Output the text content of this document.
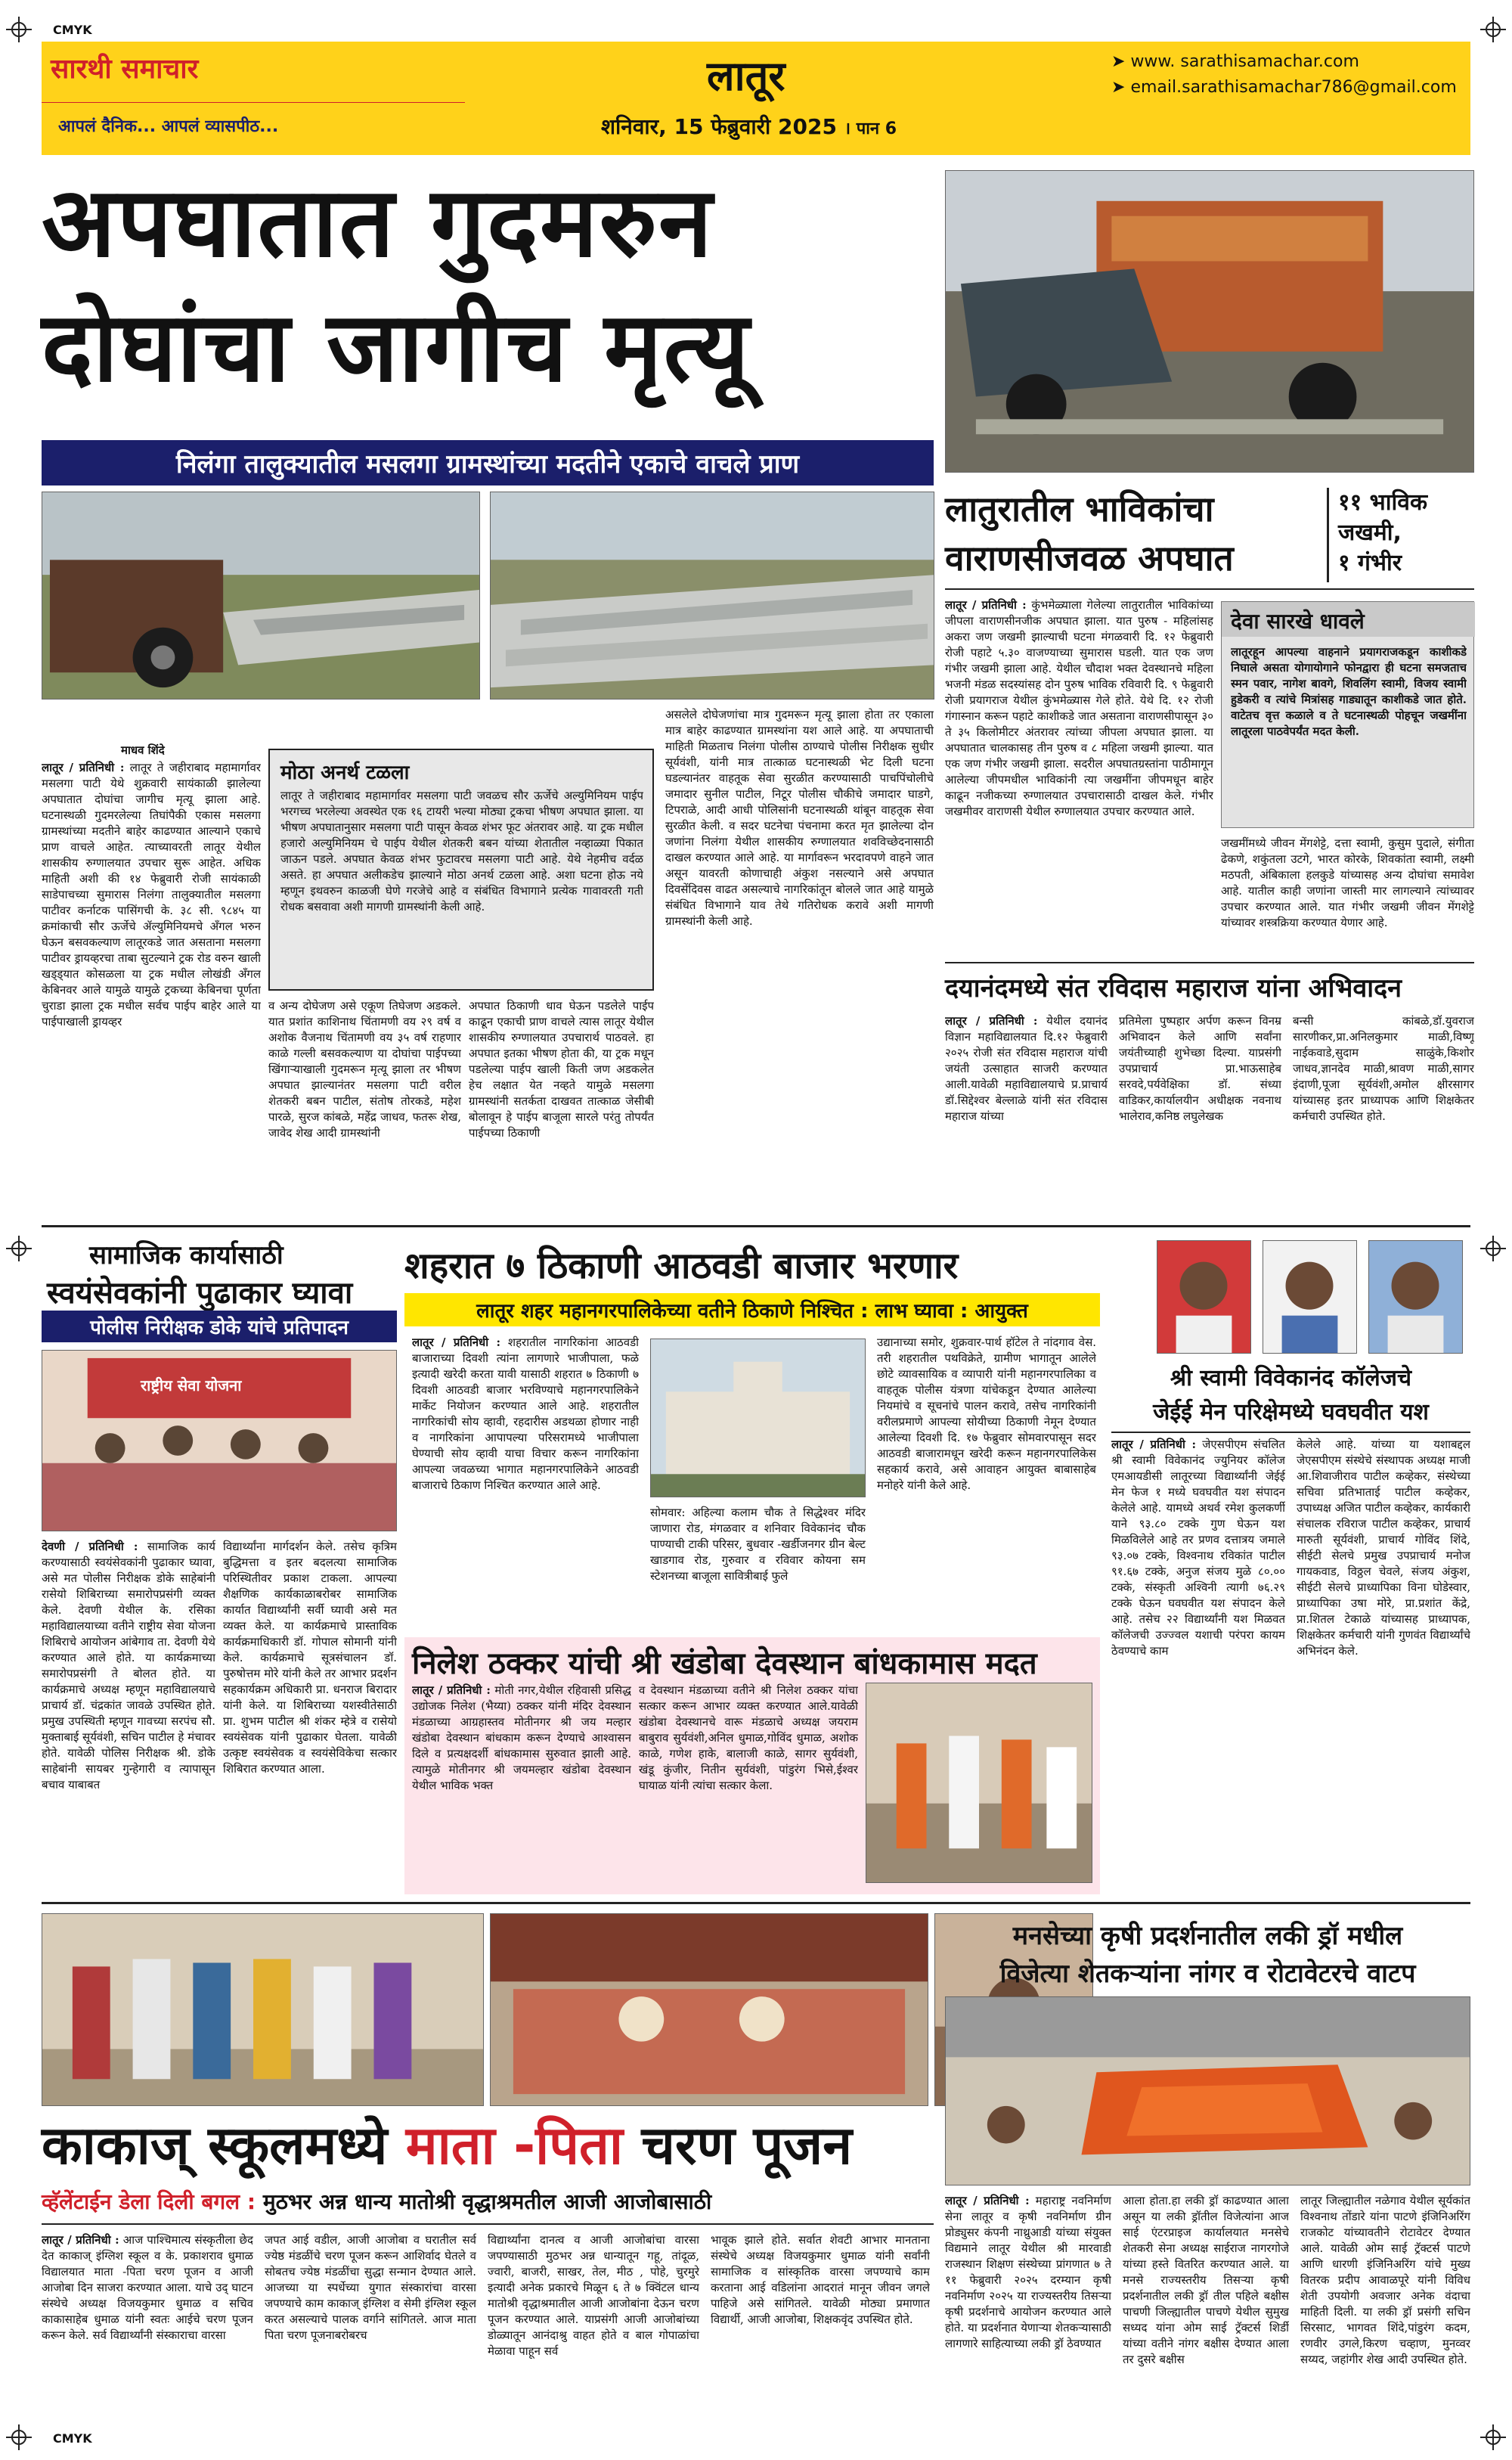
CMYK
CMYK
सारथी समाचार
आपलं दैनिक... आपलं व्यासपीठ...
लातूर
शनिवार, 15 फेब्रुवारी 2025 । पान 6
➤ www. sarathisamachar.com
➤ email.sarathisamachar786@gmail.com
अपघातात गुदमरुन
दोघांचा जागीच मृत्यू
निलंगा तालुक्यातील मसलगा ग्रामस्थांच्या मदतीने एकाचे वाचले प्राण
माधव शिंदे
लातूर / प्रतिनिधी : लातूर ते जहीराबाद महामार्गावर मसलगा पाटी येथे शुक्रवारी सायंकाळी झालेल्या अपघातात दोघांचा जागीच मृत्यू झाला आहे. घटनास्थळी गुदमरलेल्या तिघांपैकी एकास मसलगा ग्रामस्थांच्या मदतीने बाहेर काढण्यात आल्याने एकाचे प्राण वाचले आहेत. त्याच्यावरती लातूर येथील शासकीय रुग्णालयात उपचार सुरू आहेत. अधिक माहिती अशी की १४ फेब्रुवारी रोजी सायंकाळी साडेपाचच्या सुमारास निलंगा तालुक्यातील मसलगा पाटीवर कर्नाटक पासिंगची के. ३८ सी. ९८४५ या क्रमांकाची सौर ऊर्जेचे ॲल्युमिनियमचे ॲंगल भरुन घेऊन बसवकल्याण लातूरकडे जात असताना मसलगा पाटीवर ड्रायव्हरचा ताबा सुटल्याने ट्रक रोड वरुन खाली खड्ड्यात कोसळला या ट्रक मधील लोखंडी ॲंगल केबिनवर आले यामुळे यामुळे ट्रकच्या केबिनचा पूर्णता चुराडा झाला ट्रक मधील सर्वच पाईप बाहेर आले या पाईपाखाली ड्रायव्हर
मोठा अनर्थ टळला
लातूर ते जहीराबाद महामार्गावर मसलगा पाटी जवळच सौर ऊर्जेचे अल्युमिनियम पाईप भरगच्च भरलेल्या अवस्थेत एक १६ टायरी भल्या मोठ्या ट्रकचा भीषण अपघात झाला. या भीषण अपघातानुसार मसलगा पाटी पासून केवळ शंभर फूट अंतरावर आहे. या ट्रक मधील हजारो अल्युमिनियम चे पाईप येथील शेतकरी बबन यांच्या शेतातील नव्हाळ्या पिकात जाऊन पडले. अपघात केवळ शंभर फुटावरच मसलगा पाटी आहे. येथे नेहमीच वर्दळ असते. हा अपघात अलीकडेच झाल्याने मोठा अनर्थ टळला आहे. अशा घटना होऊ नये म्हणून इथवरुन काळजी घेणे गरजेचे आहे व संबंधित विभागाने प्रत्येक गावावरती गती रोधक बसवावा अशी मागणी ग्रामस्थांनी केली आहे.
व अन्य दोघेजण असे एकूण तिघेजण अडकले. यात प्रशांत काशिनाथ चिंतामणी वय २९ वर्ष व अशोक वैजनाथ चिंतामणी वय ३५ वर्ष राहणार काळे गल्ली बसवकल्याण या दोघांचा पाईपच्या खिंगाऱ्याखाली गुदमरून मृत्यू झाला तर भीषण अपघात झाल्यानंतर मसलगा पाटी वरील शेतकरी बबन पाटील, संतोष तोरकडे, महेश पारळे, सुरज कांबळे, महेंद्र जाधव, फतरू शेख, जावेद शेख आदी ग्रामस्थांनी
अपघात ठिकाणी धाव घेऊन पडलेले पाईप काढून एकाची प्राण वाचले त्यास लातूर येथील शासकीय रुग्णालयात उपचारार्थ पाठवले. हा अपघात इतका भीषण होता की, या ट्रक मधून पडलेल्या पाईप खाली किती जण अडकलेत हेच लक्षात येत नव्हते यामुळे मसलगा ग्रामस्थांनी सतर्कता दाखवत तात्काळ जेसीबी बोलावून हे पाईप बाजूला सारले परंतु तोपर्यंत पाईपच्या ठिकाणी
असलेले दोघेजणांचा मात्र गुदमरून मृत्यू झाला होता तर एकाला मात्र बाहेर काढण्यात ग्रामस्थांना यश आले आहे. या अपघाताची माहिती मिळताच निलंगा पोलीस ठाण्याचे पोलीस निरीक्षक सुधीर सूर्यवंशी, यांनी मात्र तात्काळ घटनास्थळी भेट दिली घटना घडल्यानंतर वाहतूक सेवा सुरळीत करण्यासाठी पाचपिंचोलीचे जमादार सुनील पाटील, निटूर पोलीस चौकीचे जमादार घाडगे, टिपराळे, आदी आधी पोलिसांनी घटनास्थळी थांबून वाहतूक सेवा सुरळीत केली. व सदर घटनेचा पंचनामा करत मृत झालेल्या दोन जणांना निलंगा येथील शासकीय रुग्णालयात शवविच्छेदनासाठी दाखल करण्यात आले आहे. या मार्गावरून भरदावपणे वाहने जात असून यावरती कोणाचाही अंकुश नसल्याने असे अपघात दिवसेंदिवस वाढत असल्याचे नागरिकांतून बोलले जात आहे यामुळे संबंधित विभागाने याव तेथे गतिरोधक करावे अशी मागणी ग्रामस्थांनी केली आहे.
लातुरातील भाविकांचा
वाराणसीजवळ अपघात
११ भाविक
जखमी,
१ गंभीर
लातूर / प्रतिनिधी : कुंभमेळ्याला गेलेल्या लातुरातील भाविकांच्या जीपला वाराणसीनजीक अपघात झाला. यात पुरुष - महिलांसह अकरा जण जखमी झाल्याची घटना मंगळवारी दि. १२ फेब्रुवारी रोजी पहाटे ५.३० वाजण्याच्या सुमारास घडली. यात एक जण गंभीर जखमी झाला आहे. येथील चौदाश भक्त देवस्थानचे महिला भजनी मंडळ सदस्यांसह दोन पुरुष भाविक रविवारी दि. ९ फेब्रुवारी रोजी प्रयागराज येथील कुंभमेळ्यास गेले होते. येथे दि. १२ रोजी गंगास्नान करून पहाटे काशीकडे जात असताना वाराणसीपासून ३० ते ३५ किलोमीटर अंतरावर त्यांच्या जीपला अपघात झाला. या अपघातात चालकासह तीन पुरुष व ८ महिला जखमी झाल्या. यात एक जण गंभीर जखमी झाला. सदरील अपघातग्रस्तांना पाठीमागून आलेल्या जीपमधील भाविकांनी त्या जखमींना जीपमधून बाहेर काढून नजीकच्या रुग्णालयात उपचारासाठी दाखल केले. गंभीर जखमीवर वाराणसी येथील रुग्णालयात उपचार करण्यात आले.
देवा सारखे धावले
लातूरहून आपल्या वाहनाने प्रयागराजकडून काशीकडे निघाले असता योगायोगाने फोनद्वारा ही घटना समजताच स्मन पवार, नागेश बावगे, शिवलिंग स्वामी, विजय स्वामी हुडेकरी व त्यांचे मित्रांसह गाड्यातून काशीकडे जात होते. वाटेतच वृत्त कळाले व ते घटनास्थळी पोहचून जखमींना लातूरला पाठवेपर्यंत मदत केली.
जखमींमध्ये जीवन मेंगशेट्टे, दत्ता स्वामी, कुसुम पुदाले, संगीता ढेकणे, शकुंतला उटगे, भारत कोरके, शिवकांता स्वामी, लक्ष्मी मठपती, अंबिकाला हलकुडे यांच्यासह अन्य दोघांचा समावेश आहे. यातील काही जणांना जास्ती मार लागल्याने त्यांच्यावर उपचार करण्यात आले. यात गंभीर जखमी जीवन मेंगशेट्टे यांच्यावर शस्त्रक्रिया करण्यात येणार आहे.
दयानंदमध्ये संत रविदास महाराज यांना अभिवादन
लातूर / प्रतिनिधी : येथील दयानंद विज्ञान महाविद्यालयात दि.१२ फेब्रुवारी २०२५ रोजी संत रविदास महाराज यांची जयंती उत्साहात साजरी करण्यात आली.यावेळी महाविद्यालयाचे प्र.प्राचार्य डॉ.सिद्देश्वर बेल्लाळे यांनी संत रविदास महाराज यांच्या
प्रतिमेला पुष्पहार अर्पण करून विनम्र अभिवादन केले आणि सर्वांना जयंतीच्याही शुभेच्छा दिल्या. याप्रसंगी उपप्राचार्य प्रा.भाऊसाहेब सरवदे,पर्यवेक्षिका डॉ. संध्या वाडिकर,कार्यालयीन अधीक्षक नवनाथ भालेराव,कनिष्ठ लघुलेखक
बन्सी कांबळे,डॉ.युवराज सारणीकर,प्रा.अनिलकुमार माळी,विष्णू नाईकवाडे,सुदाम साळुंके,किशोर जाधव,ज्ञानदेव माळी,श्रावण माळी,सागर इंदाणी,पूजा सूर्यवंशी,अमोल क्षीरसागर यांच्यासह इतर प्राध्यापक आणि शिक्षकेतर कर्मचारी उपस्थित होते.
सामाजिक कार्यासाठी
स्वयंसेवकांनी पुढाकार घ्यावा
पोलीस निरीक्षक डोके यांचे प्रतिपादन
राष्ट्रीय सेवा योजना
देवणी / प्रतिनिधी : सामाजिक कार्य करण्यासाठी स्वयंसेवकांनी पुढाकार घ्यावा, असे मत पोलीस निरीक्षक डोके साहेबांनी रासेयो शिबिराच्या समारोपप्रसंगी व्यक्त केले. देवणी येथील के. रसिका महाविद्यालयाच्या वतीने राष्ट्रीय सेवा योजना शिबिराचे आयोजन आंबेगाव ता. देवणी येथे करण्यात आले होते. या कार्यक्रमाच्या समारोपप्रसंगी ते बोलत होते. या कार्यक्रमाचे अध्यक्ष म्हणून महाविद्यालयाचे प्राचार्य डॉ. चंद्रकांत जावळे उपस्थित होते. प्रमुख उपस्थिती म्हणून गावच्या सरपंच सौ. मुक्ताबाई सूर्यवंशी, सचिन पाटील हे मंचावर होते. यावेळी पोलिस निरीक्षक श्री. डोके साहेबांनी सायबर गुन्हेगारी व त्यापासून बचाव याबाबत
विद्यार्थ्यांना मार्गदर्शन केले. तसेच कृत्रिम बुद्धिमत्ता व इतर बदलत्या सामाजिक परिस्थितीवर प्रकाश टाकला. आपल्या शैक्षणिक कार्यकाळाबरोबर सामाजिक कार्यात विद्यार्थ्यांनी सर्वी घ्यावी असे मत व्यक्त केले. या कार्यक्रमाचे प्रास्ताविक कार्यक्रमाधिकारी डॉ. गोपाल सोमानी यांनी केले. कार्यक्रमाचे सूत्रसंचालन डॉ. पुरुषोत्तम मोरे यांनी केले तर आभार प्रदर्शन सहकार्यक्रम अधिकारी प्रा. धनराज बिरादार यांनी केले. या शिबिराच्या यशस्वीतेसाठी प्रा. शुभम पाटील श्री शंकर म्हेत्रे व रासेयो स्वयंसेवक यांनी पुढाकार घेतला. यावेळी उत्कृष्ट स्वयंसेवक व स्वयंसेविकेचा सत्कार शिबिरात करण्यात आला.
शहरात ७ ठिकाणी आठवडी बाजार भरणार
लातूर शहर महानगरपालिकेच्या वतीने ठिकाणे निश्चित : लाभ घ्यावा : आयुक्त
लातूर / प्रतिनिधी : शहरातील नागरिकांना आठवडी बाजाराच्या दिवशी त्यांना लागणारे भाजीपाला, फळे इत्यादी खरेदी करता यावी यासाठी शहरात ७ ठिकाणी ७ दिवशी आठवडी बाजार भरविण्याचे महानगरपालिकेने मार्केट नियोजन करण्यात आले आहे. शहरातील नागरिकांची सोय व्हावी, रहदारीस अडथळा होणार नाही व नागरिकांना आपापल्या परिसरामध्ये भाजीपाला घेण्याची सोय व्हावी याचा विचार करून नागरिकांना आपल्या जवळच्या भागात महानगरपालिकेने आठवडी बाजाराचे ठिकाण निश्चित करण्यात आले आहे.
सोमवार: अहिल्या कलाम चौक ते सिद्धेश्वर मंदिर जाणारा रोड, मंगळवार व शनिवार विवेकानंद चौक पाण्याची टाकी परिसर, बुधवार -खर्डीजनगर ग्रीन बेल्ट खाडगाव रोड, गुरुवार व रविवार कोयना सम स्टेशनच्या बाजूला सावित्रीबाई फुले
उद्यानाच्या समोर, शुक्रवार-पार्थ हॉटेल ते नांदगाव वेस. तरी शहरातील पथविक्रेते, ग्रामीण भागातून आलेले छोटे व्यावसायिक व व्यापारी यांनी महानगरपालिका व वाहतूक पोलीस यंत्रणा यांचेकडून देण्यात आलेल्या नियमांचे व सूचनांचे पालन करावे, तसेच नागरिकांनी वरीलप्रमाणे आपल्या सोयीच्या ठिकाणी नेमून देण्यात आलेल्या दिवशी दि. १७ फेब्रुवार सोमवारपासून सदर आठवडी बाजारामधून खरेदी करून महानगरपालिकेस सहकार्य करावे, असे आवाहन आयुक्त बाबासाहेब मनोहरे यांनी केले आहे.
निलेश ठक्कर यांची श्री खंडोबा देवस्थान बांधकामास मदत
लातूर / प्रतिनिधी : मोती नगर,येथील रहिवासी प्रसिद्ध उद्योजक निलेश (भैय्या) ठक्कर यांनी मंदिर देवस्थान मंडळाच्या आग्रहास्तव मोतीनगर श्री जय मल्हार खंडोबा देवस्थान बांधकाम करून देण्याचे आश्वासन दिले व प्रत्यक्षदर्शी बांधकामास सुरुवात झाली आहे. त्यामुळे मोतीनगर श्री जयमल्हार खंडोबा देवस्थान येथील भाविक भक्त
व देवस्थान मंडळाच्या वतीने श्री निलेश ठक्कर यांचा सत्कार करून आभार व्यक्त करण्यात आले.यावेळी खंडोबा देवस्थानचे वारू मंडळाचे अध्यक्ष जयराम बाबुराव सुर्यवंशी,अनिल धुमाळ,गोविंद धुमाळ, अशोक काळे, गणेश हाके, बालाजी काळे, सागर सुर्यवंशी, खंडू कुंजीर, नितीन सुर्यवंशी, पांडुरंग भिसे,ईश्वर घायाळ यांनी त्यांचा सत्कार केला.
श्री स्वामी विवेकानंद कॉलेजचे
जेईई मेन परिक्षेमध्ये घवघवीत यश
लातूर / प्रतिनिधी : जेएसपीएम संचलित श्री स्वामी विवेकानंद ज्युनियर कॉलेज एमआयडीसी लातूरच्या विद्यार्थ्यांनी जेईई मेन फेज १ मध्ये घवघवीत यश संपादन केलेले आहे. यामध्ये अथर्व रमेश कुलकर्णी याने ९३.८० टक्के गुण घेऊन यश मिळविलेले आहे तर प्रणव दत्तात्रय जमाले ९३.०७ टक्के, विश्वनाथ रविकांत पाटील ९१.६७ टक्के, अनुज संजय मुळे ८०.०० टक्के, संस्कृती अश्विनी त्यागी ७६.२९ टक्के घेऊन घवघवीत यश संपादन केले आहे. तसेच २२ विद्यार्थ्यांनी यश मिळवत कॉलेजची उज्ज्वल यशाची परंपरा कायम ठेवण्याचे काम
केलेले आहे. यांच्या या यशाबद्दल जेएसपीएम संस्थेचे संस्थापक अध्यक्ष माजी आ.शिवाजीराव पाटील कव्हेकर, संस्थेच्या सचिवा प्रतिभाताई पाटील कव्हेकर, उपाध्यक्ष अजित पाटील कव्हेकर, कार्यकारी संचालक रविराज पाटील कव्हेकर, प्राचार्य मारुती सूर्यवंशी, प्राचार्य गोविंद शिंदे, सीईटी सेलचे प्रमुख उपप्राचार्य मनोज गायकवाड, विठ्ठल चेवले, संजय अंकुश, सीईटी सेलचे प्राध्यापिका विना घोडेस्वार, प्राध्यापिका उषा मोरे, प्रा.प्रशांत केंद्रे, प्रा.शितल टेकाळे यांच्यासह प्राध्यापक, शिक्षकेतर कर्मचारी यांनी गुणवंत विद्यार्थ्यांचे अभिनंदन केले.
काकाज् स्कूलमध्ये माता -पिता चरण पूजन
व्हॅलेंटाईन डेला दिली बगल : मुठभर अन्न धान्य मातोश्री वृद्धाश्रमतील आजी आजोबासाठी
लातूर / प्रतिनिधी : आज पाश्चिमात्य संस्कृतीला छेद देत काकाज् इंग्लिश स्कूल व के. प्रकाशराव धुमाळ विद्यालयात माता -पिता चरण पूजन व आजी आजोबा दिन साजरा करण्यात आला. याचे उद् घाटन संस्थेचे अध्यक्ष विजयकुमार धुमाळ व सचिव काकासाहेब धुमाळ यांनी स्वतः आईचे चरण पूजन करून केले. सर्व विद्यार्थ्यांनी संस्काराचा वारसा
जपत आई वडील, आजी आजोबा व घरातील सर्व ज्येष्ठ मंडळींचे चरण पूजन करून आशिर्वाद घेतले व सोबतच ज्येष्ठ मंडळींचा सुद्धा सन्मान देण्यात आले. आजच्या या स्पर्धेच्या युगात संस्कारांचा वारसा जपण्याचे काम काकाज् इंग्लिश व सेमी इंग्लिश स्कूल करत असल्याचे पालक वर्गाने सांगितले. आज माता पिता चरण पूजनाबरोबरच
विद्यार्थ्यांना दानत्व व आजी आजोबांचा वारसा जपण्यासाठी मुठभर अन्न धान्यातून गहू, तांदूळ, ज्वारी, बाजरी, साखर, तेल, मीठ , पोहे, चुरमुरे इत्यादी अनेक प्रकारचे मिळून ६ ते ७ क्विंटल धान्य मातोश्री वृद्धाश्रमातील आजी आजोबांना देऊन चरण पूजन करण्यात आले. याप्रसंगी आजी आजोबांच्या डोळ्यातून आनंदाश्रु वाहत होते व बाल गोपाळांचा मेळावा पाहून सर्व
भावूक झाले होते. सर्वात शेवटी आभार मानताना संस्थेचे अध्यक्ष विजयकुमार धुमाळ यांनी सर्वांनी सामाजिक व सांस्कृतिक वारसा जपण्याचे काम करताना आई वडिलांना आदरातं मानून जीवन जगले पाहिजे असे सांगितले. यावेळी मोठ्या प्रमाणात विद्यार्थी, आजी आजोबा, शिक्षकवृंद उपस्थित होते.
मनसेच्या कृषी प्रदर्शनातील लकी ड्रॉ मधील
विजेत्या शेतकऱ्यांना नांगर व रोटावेटरचे वाटप
लातूर / प्रतिनिधी : महाराष्ट्र नवनिर्माण सेना लातूर व कृषी नवनिर्माण ग्रीन प्रोड्युसर कंपनी नाथ्रुआडी यांच्या संयुक्त विद्यमाने लातूर येथील श्री मारवाडी राजस्थान शिक्षण संस्थेच्या प्रांगणात ७ ते ११ फेब्रुवारी २०२५ दरम्यान कृषी नवनिर्माण २०२५ या राज्यस्तरीय तिसऱ्या कृषी प्रदर्शनाचे आयोजन करण्यात आले होते. या प्रदर्शनात येणाऱ्या शेतकऱ्यासाठी लागणारे साहित्याच्या लकी ड्रॉ ठेवण्यात
आला होता.हा लकी ड्रॉ काढण्यात आला असून या लकी ड्रॉतील विजेत्यांना आज साई एंटरप्राइज कार्यालयात मनसेचे शेतकरी सेना अध्यक्ष साईराज नागरगोजे यांच्या हस्ते वितरित करण्यात आले. या मनसे राज्यस्तरीय तिसऱ्या कृषी प्रदर्शनातील लकी ड्रॉ तील पहिले बक्षीस पाचणी जिल्ह्यातील पाचणे येथील सुमुख सध्यद यांना ओम साई ट्रॅक्टर्स शिर्डी यांच्या वतीने नांगर बक्षीस देण्यात आला तर दुसरे बक्षीस
लातूर जिल्ह्यातील नळेगाव येथील सूर्यकांत विश्वनाथ तोंडारे यांना पाटणे इंजिनिअरिंग राजकोट यांच्यावतीने रोटावेटर देण्यात आले. यावेळी ओम साई ट्रॅक्टर्स पाटणे आणि धारणी इंजिनिअरिंग यांचे मुख्य वितरक प्रदीप आवाळपूरे यांनी विविध शेती उपयोगी अवजार अनेक वंदाचा माहिती दिली. या लकी ड्रॉ प्रसंगी सचिन सिरसाट, भागवत शिंदे,पांडुरंग कदम, रणवीर उगले,किरण चव्हाण, मुनव्वर सय्यद, जहांगीर शेख आदी उपस्थित होते.
